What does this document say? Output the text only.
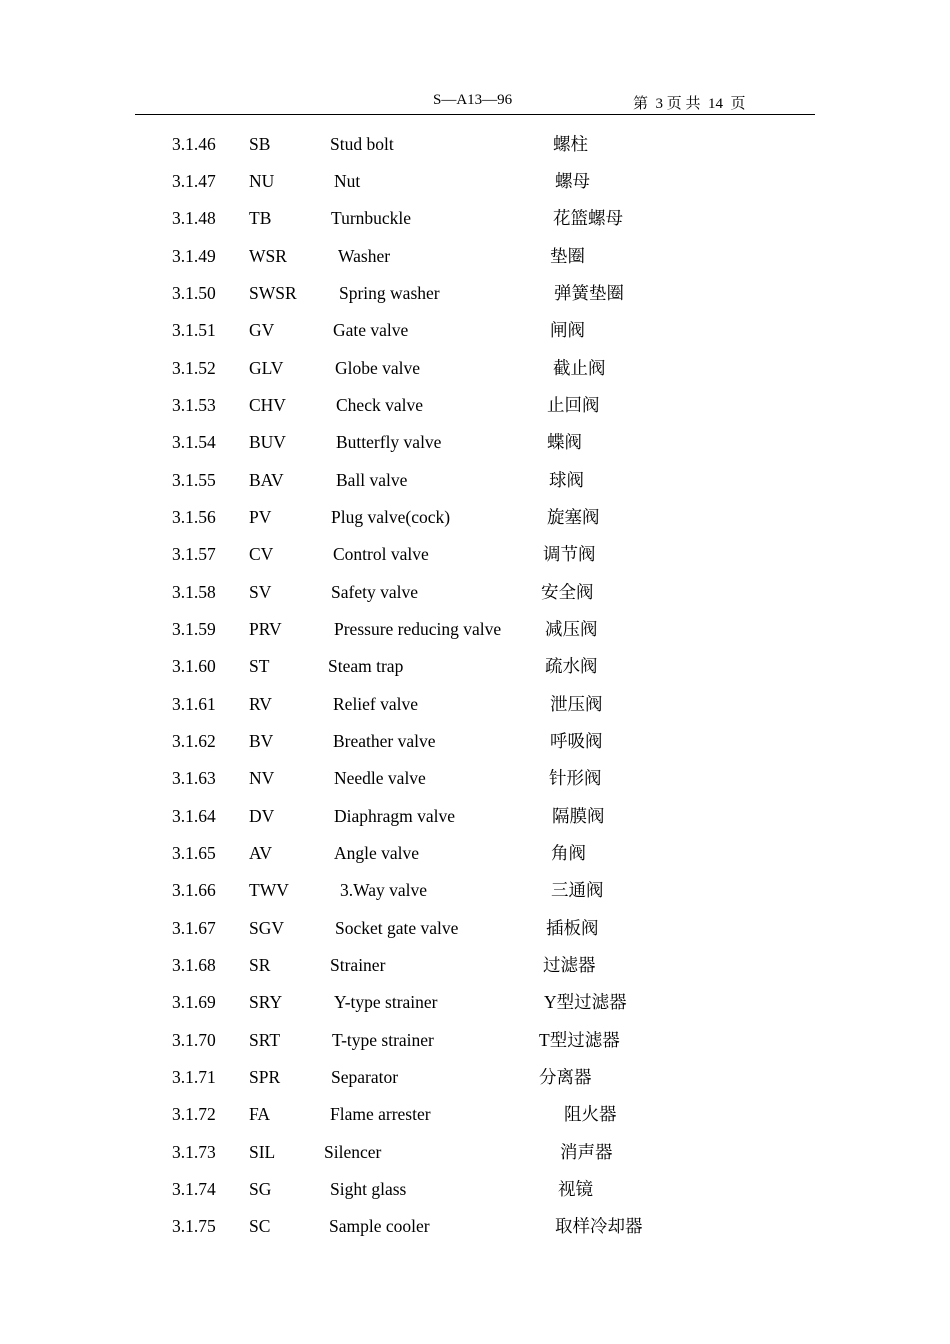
S—A13—96	第  3 页 共  14  页
3.1.46 SB	Stud bolt	螺柱
3.1.47 NU	Nut	螺母
3.1.48 TB	Turnbuckle	花篮螺母
3.1.49 WSR	Washer	垫圈
3.1.50 SWSR Spring washer	弹簧垫圈
3.1.51 GV	Gate valve	闸阀
3.1.52 GLV	Globe valve	截止阀
3.1.53 CHV	Check valve	止回阀
3.1.54 BUV	Butterfly valve	蝶阀
3.1.55 BAV	Ball valve	球阀
3.1.56 PV	Plug valve(cock)	旋塞阀
3.1.57 CV	Control valve	调节阀
3.1.58 SV	Safety valve	安全阀
3.1.59 PRV	Pressure reducing valve	减压阀
3.1.60 ST	Steam trap	疏水阀
3.1.61 RV	Relief valve	泄压阀
3.1.62 BV	Breather valve	呼吸阀
3.1.63 NV	Needle valve	针形阀
3.1.64 DV	Diaphragm valve	隔膜阀
3.1.65 AV	Angle valve	角阀
3.1.66 TWV	3.Way valve	三通阀
3.1.67 SGV	Socket gate valve	插板阀
3.1.68 SR	Strainer	过滤器
3.1.69 SRY	Y-type strainer	Y型过滤器
3.1.70 SRT	T-type strainer	T型过滤器
3.1.71 SPR	Separator	分离器
3.1.72 FA	Flame arrester	阻火器
3.1.73 SIL	Silencer	消声器
3.1.74 SG	Sight glass	视镜
3.1.75 SC	Sample cooler	取样冷却器
